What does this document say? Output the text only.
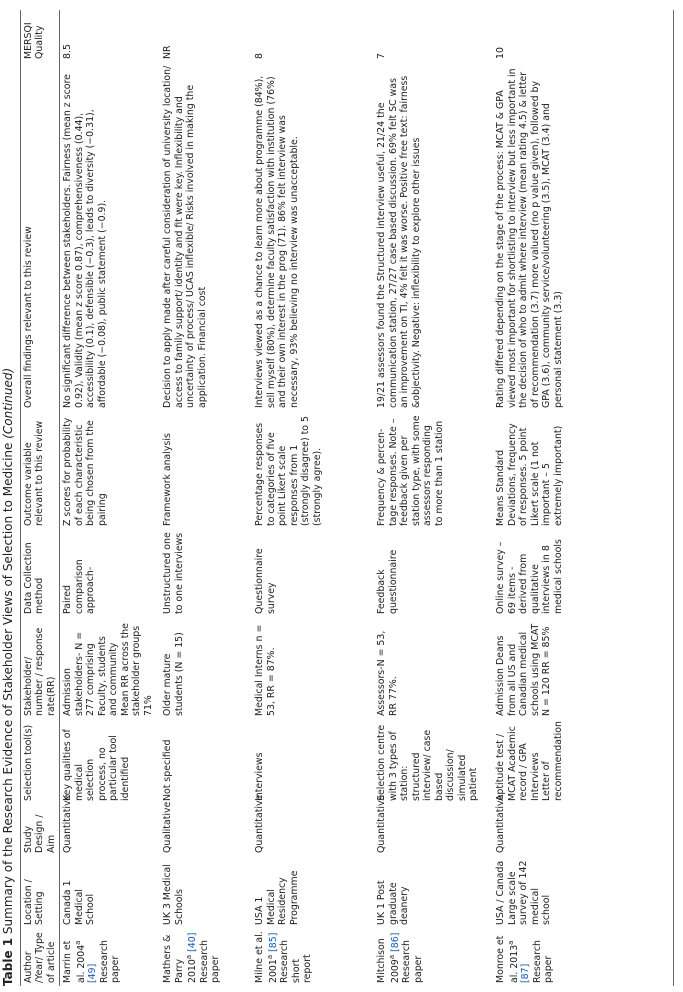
Table 1 Summary of the Research Evidence of Stakeholder Views of Selection to Medicine (Continued)
Author /Year/ Type of article	Location / Setting	Study Design / Aim	Selection tool(s)	Stakeholder/ number / response rate(RR)	Data Collection method	Outcome variable relevant to this review	Overall findings relevant to this review	MERSQI Quality
Marrin et al. 2004$^a$ [49] Research paper	Canada 1 Medical School	Quantitative	Key qualities of medical selection process, no particular tool identified	Admission stakeholders- N = 277 comprising Faculty, students and community Mean RR across the stakeholder groups 71%	Paired comparison approach-	Z scores for probability of each characteristic being chosen from the pairing	No significant difference between stakeholders. Fairness (mean z score 0.92), Validity (mean z score 0.87), comprehensiveness (0.44), accessibility (0.1), defensible (−0.3), leads to diversity (−0.31), affordable (−0.08), public statement (−0.9).	8.5
Mathers & Parry 2010$^a$ [40] Research paper	UK 3 Medical Schools	Qualitative	Not specified	Older mature students (N = 15)	Unstructured one to one interviews	Framework analysis	Decision to apply made after careful consideration of university location/ access to family support/ identity and fit were key. Inflexibility and uncertainty of process/ UCAS inflexible/ Risks involved in making the application. Financial cost	NR
Milne et al. 2001$^a$ [85] Research short report	USA 1 Medical Residency Programme	Quantitative	Interviews	Medical Interns n = 53, RR = 87%.	Questionnaire survey	Percentage responses to categories of five point Likert scale responses from 1 (strongly disagree) to 5 (strongly agree).	Interviews viewed as a chance to learn more about programme (84%), sell myself (80%), determine faculty satisfaction with institution (76%) and their own interest in the prog (71). 86% felt interview was necessary, 93% believing no interview was unacceptable.	8
Mitchison 2009$^a$ [86] Research paper	UK 1 Post graduate deanery	Quantitative	Selection centre with 3 types of station: structured interview/ case based discussion/ simulated patient	Assessors-N = 53, RR 77%.	Feedback questionnaire	Frequency & percen-tage responses. Note – feedback given per station type, with some assessors responding to more than 1 station	19/21 assessors found the Structured interview useful, 21/24 the communication station, 27/27 case based discussion. 69% felt SC was an improvement on TI, 4% felt it was worse. Positive free text: fairness &objectivity. Negative: inflexibility to explore other issues	7
Monroe et al. 2013$^a$ [87] Research paper	USA / Canada Large scale survey of 142 medical school	Quantitative	Aptitude test / MCAT Academic record / GPA Interviews Letter of recommendation	Admission Deans from all US and Canadian medical schools using MCAT N = 120 RR = 85%	Online survey – 69 items - derived from qualitative interviews in 8 medical schools	Means Standard Deviations, frequency of responses. 5 point Likert scale (1 not important – 5 extremely important)	Rating differed depending on the stage of the process: MCAT & GPA viewed most important for shortlisting to interview but less important in the decision of who to admit where interview (mean rating 4.5) & letter of recommendation (3.7) more valued (no p value given), followed by GPA (3.6), community service/volunteering (3.5), MCAT (3.4) and personal statement (3.3)	10
